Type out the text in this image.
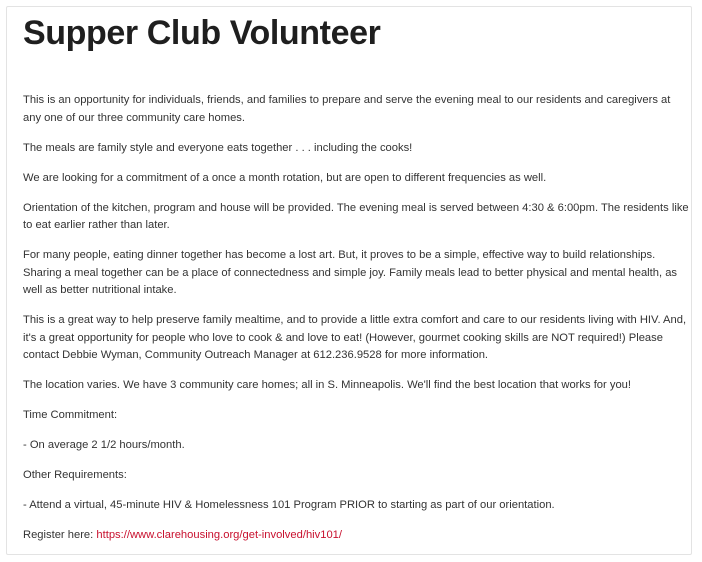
Supper Club Volunteer

This is an opportunity for individuals, friends, and families to prepare and serve the evening meal to our residents and caregivers at any one of our three community care homes.

The meals are family style and everyone eats together . . . including the cooks!

We are looking for a commitment of a once a month rotation, but are open to different frequencies as well.

Orientation of the kitchen, program and house will be provided. The evening meal is served between 4:30 & 6:00pm. The residents like to eat earlier rather than later.

For many people, eating dinner together has become a lost art. But, it proves to be a simple, effective way to build relationships. Sharing a meal together can be a place of connectedness and simple joy. Family meals lead to better physical and mental health, as well as better nutritional intake.

This is a great way to help preserve family mealtime, and to provide a little extra comfort and care to our residents living with HIV. And, it's a great opportunity for people who love to cook & and love to eat! (However, gourmet cooking skills are NOT required!) Please contact Debbie Wyman, Community Outreach Manager at 612.236.9528 for more information.

The location varies. We have 3 community care homes; all in S. Minneapolis. We'll find the best location that works for you!

Time Commitment:

- On average 2 1/2 hours/month.

Other Requirements:

- Attend a virtual, 45-minute HIV & Homelessness 101 Program PRIOR to starting as part of our orientation.

Register here: https://www.clarehousing.org/get-involved/hiv101/
